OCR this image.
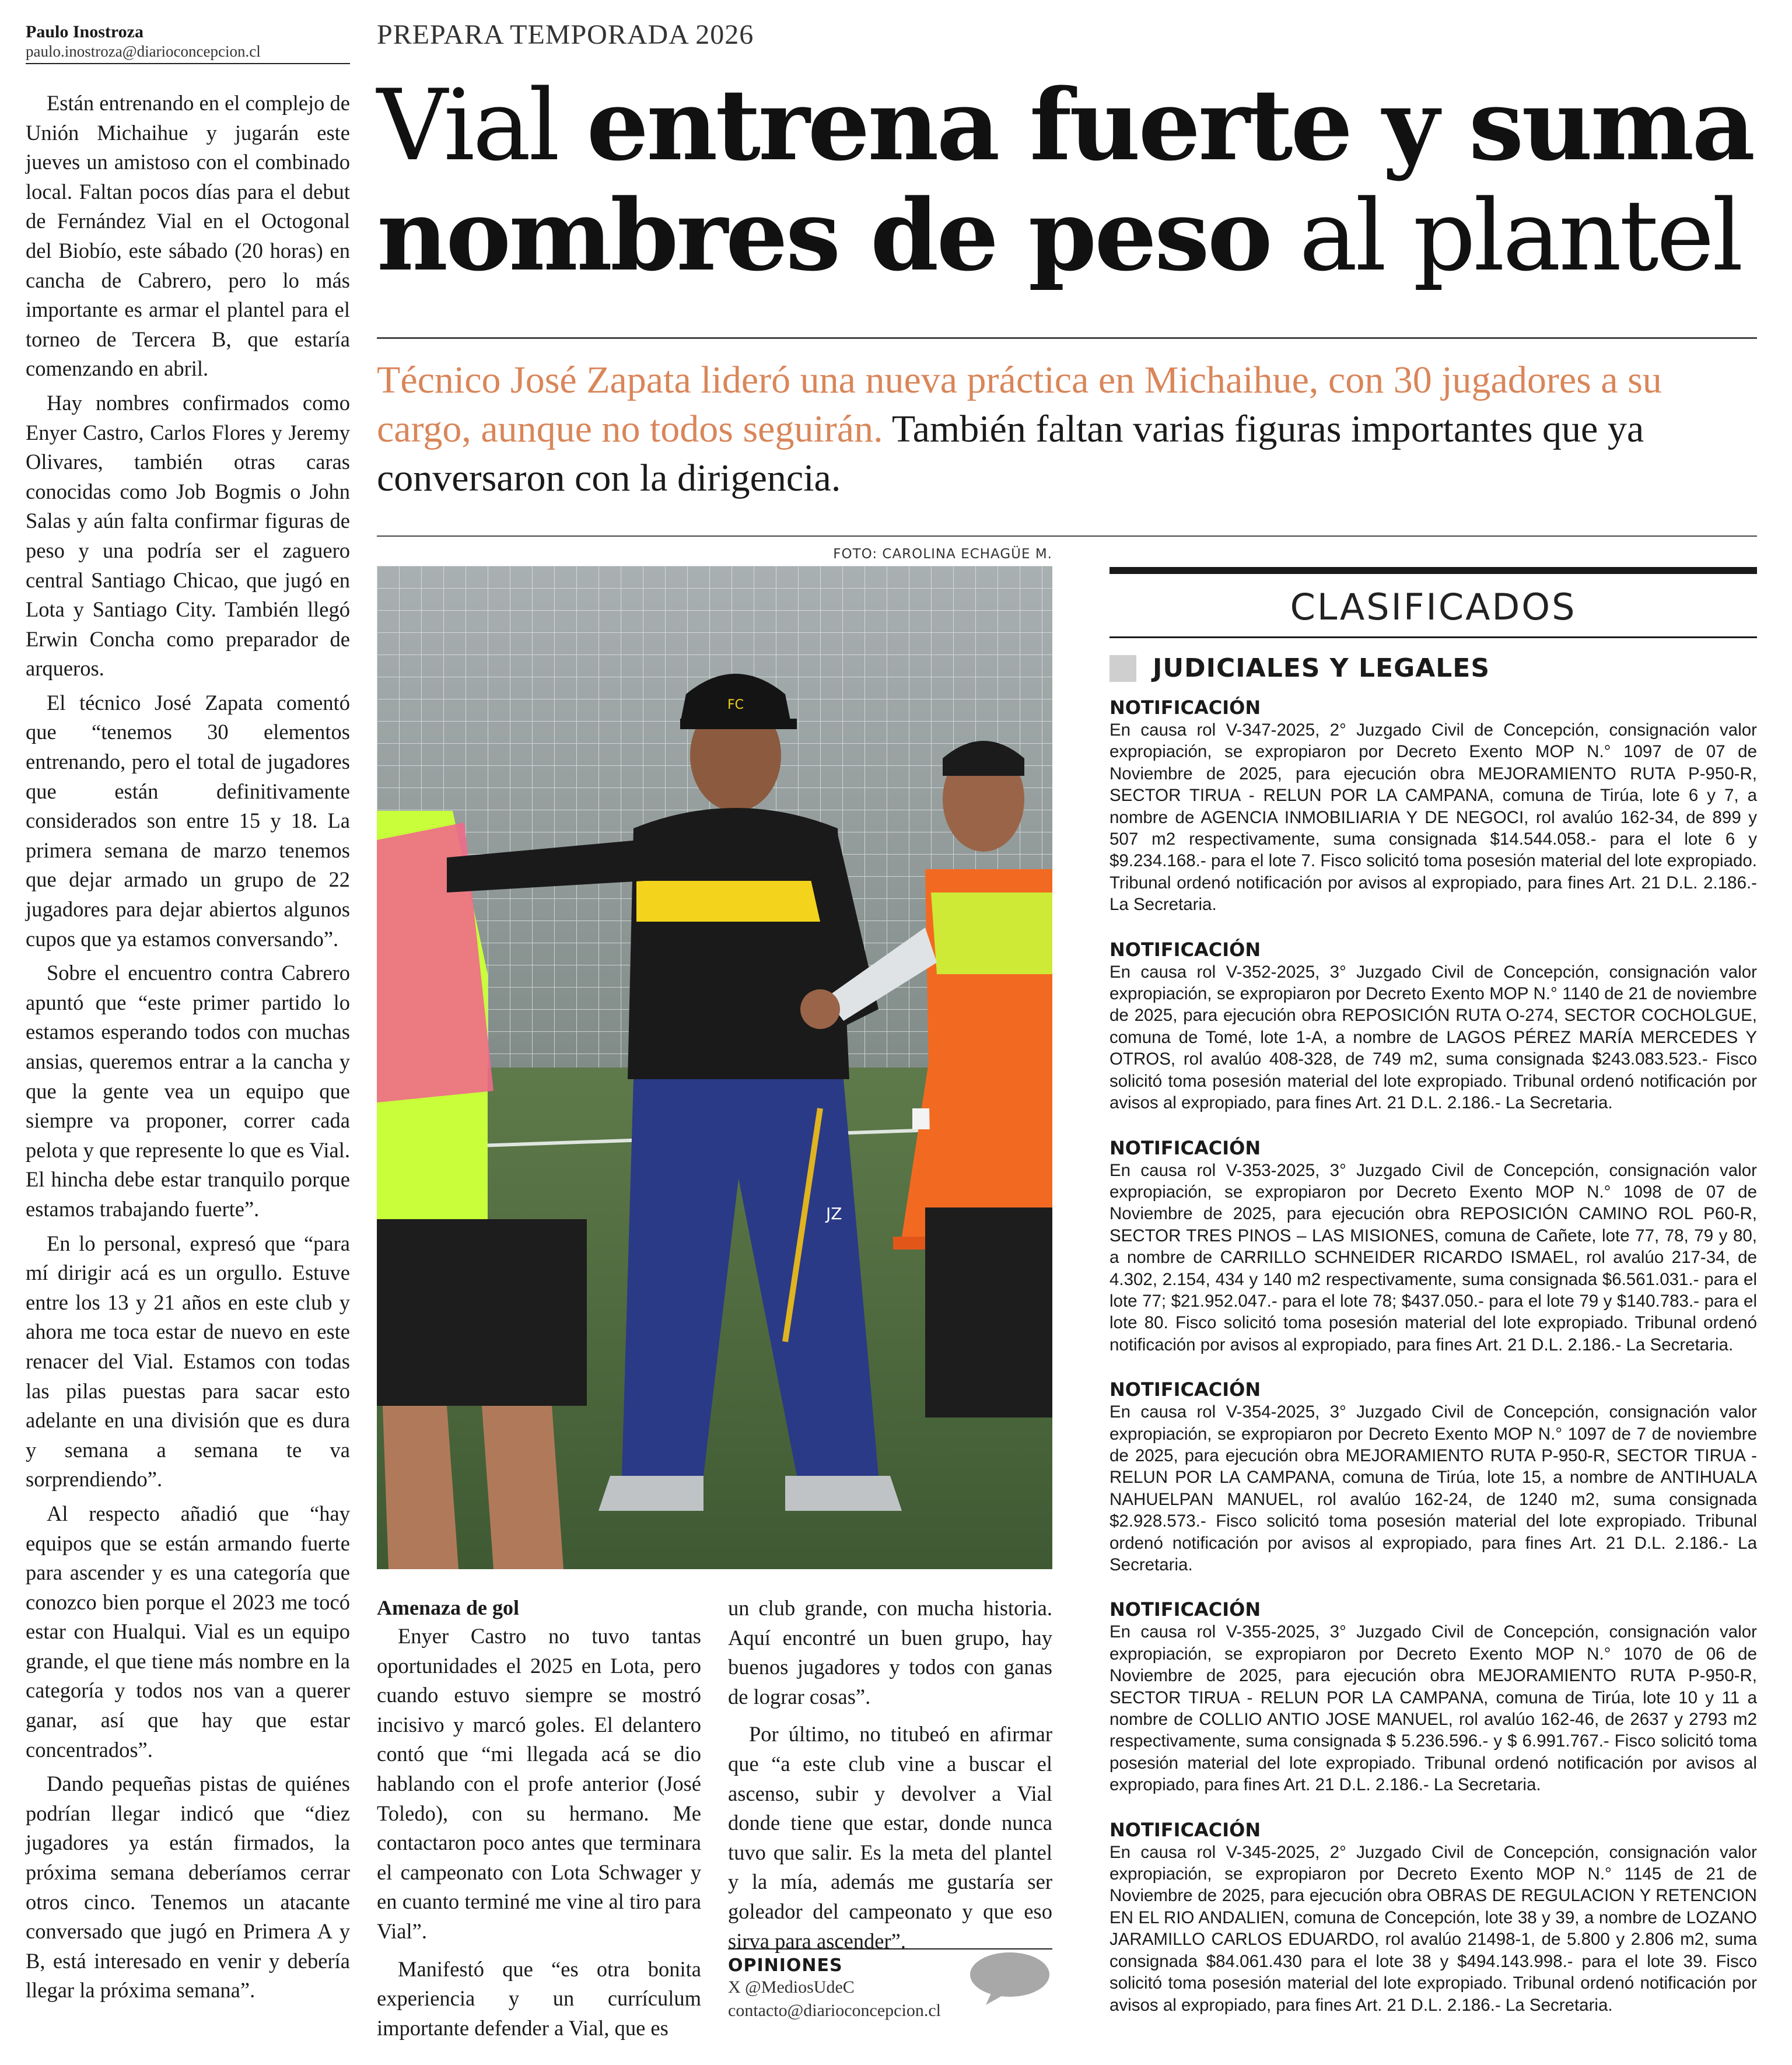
Paulo Inostroza
paulo.inostroza@diarioconcepcion.cl

Están entrenando en el complejo de Unión Michaihue y jugarán este jueves un amistoso con el combinado local. Faltan pocos días para el debut de Fernández Vial en el Octogonal del Biobío, este sábado (20 horas) en cancha de Cabrero, pero lo más importante es armar el plantel para el torneo de Tercera B, que estaría comenzando en abril.

Hay nombres confirmados como Enyer Castro, Carlos Flores y Jeremy Olivares, también otras caras conocidas como Job Bogmis o John Salas y aún falta confirmar figuras de peso y una podría ser el zaguero central Santiago Chicao, que jugó en Lota y Santiago City. También llegó Erwin Concha como preparador de arqueros.

El técnico José Zapata comentó que “tenemos 30 elementos entrenando, pero el total de jugadores que están definitivamente considerados son entre 15 y 18. La primera semana de marzo tenemos que dejar armado un grupo de 22 jugadores para dejar abiertos algunos cupos que ya estamos conversando”.

Sobre el encuentro contra Cabrero apuntó que “este primer partido lo estamos esperando todos con muchas ansias, queremos entrar a la cancha y que la gente vea un equipo que siempre va proponer, correr cada pelota y que represente lo que es Vial. El hincha debe estar tranquilo porque estamos trabajando fuerte”.

En lo personal, expresó que “para mí dirigir acá es un orgullo. Estuve entre los 13 y 21 años en este club y ahora me toca estar de nuevo en este renacer del Vial. Estamos con todas las pilas puestas para sacar esto adelante en una división que es dura y semana a semana te va sorprendiendo”.

Al respecto añadió que “hay equipos que se están armando fuerte para ascender y es una categoría que conozco bien porque el 2023 me tocó estar con Hualqui. Vial es un equipo grande, el que tiene más nombre en la categoría y todos nos van a querer ganar, así que hay que estar concentrados”.

Dando pequeñas pistas de quiénes podrían llegar indicó que “diez jugadores ya están firmados, la próxima semana deberíamos cerrar otros cinco. Tenemos un atacante conversado que jugó en Primera A y B, está interesado en venir y debería llegar la próxima semana”.

PREPARA TEMPORADA 2026
Vial entrena fuerte y suma
nombres de peso al plantel

Técnico José Zapata lideró una nueva práctica en Michaihue, con 30 jugadores a su cargo, aunque no todos seguirán. También faltan varias figuras importantes que ya conversaron con la dirigencia.

FOTO: CAROLINA ECHAGÜE M.
FC
JZ
Amenaza de gol

Enyer Castro no tuvo tantas oportunidades el 2025 en Lota, pero cuando estuvo siempre se mostró incisivo y marcó goles. El delantero contó que “mi llegada acá se dio hablando con el profe anterior (José Toledo), con su hermano. Me contactaron poco antes que terminara el campeonato con Lota Schwager y en cuanto terminé me vine al tiro para Vial”.

Manifestó que “es otra bonita experiencia y un currículum importante defender a Vial, que es

un club grande, con mucha historia. Aquí encontré un buen grupo, hay buenos jugadores y todos con ganas de lograr cosas”.

Por último, no titubeó en afirmar que “a este club vine a buscar el ascenso, subir y devolver a Vial donde tiene que estar, donde nunca tuvo que salir. Es la meta del plantel y la mía, además me gustaría ser goleador del campeonato y que eso sirva para ascender”.

OPINIONES
X @MediosUdeC
contacto@diarioconcepcion.cl
CLASIFICADOS
JUDICIALES Y LEGALES
NOTIFICACIÓN

En causa rol V-347-2025, 2° Juzgado Civil de Concepción, consignación valor expropiación, se expropiaron por Decreto Exento MOP N.° 1097 de 07 de Noviembre de 2025, para ejecución obra MEJORAMIENTO RUTA P-950-R, SECTOR TIRUA - RELUN POR LA CAMPANA, comuna de Tirúa, lote 6 y 7, a nombre de AGENCIA INMOBILIARIA Y DE NEGOCI, rol avalúo 162-34, de 899 y 507 m2 respectivamente, suma consignada $14.544.058.- para el lote 6 y $9.234.168.- para el lote 7. Fisco solicitó toma posesión material del lote expropiado. Tribunal ordenó notificación por avisos al expropiado, para fines Art. 21 D.L. 2.186.- La Secretaria.

NOTIFICACIÓN

En causa rol V-352-2025, 3° Juzgado Civil de Concepción, consignación valor expropiación, se expropiaron por Decreto Exento MOP N.° 1140 de 21 de noviembre de 2025, para ejecución obra REPOSICIÓN RUTA O-274, SECTOR COCHOLGUE, comuna de Tomé, lote 1-A, a nombre de LAGOS PÉREZ MARÍA MERCEDES Y OTROS, rol avalúo 408-328, de 749 m2, suma consignada $243.083.523.- Fisco solicitó toma posesión material del lote expropiado. Tribunal ordenó notificación por avisos al expropiado, para fines Art. 21 D.L. 2.186.- La Secretaria.

NOTIFICACIÓN

En causa rol V-353-2025, 3° Juzgado Civil de Concepción, consignación valor expropiación, se expropiaron por Decreto Exento MOP N.° 1098 de 07 de Noviembre de 2025, para ejecución obra REPOSICIÓN CAMINO ROL P60-R, SECTOR TRES PINOS – LAS MISIONES, comuna de Cañete, lote 77, 78, 79 y 80, a nombre de CARRILLO SCHNEIDER RICARDO ISMAEL, rol avalúo 217-34, de 4.302, 2.154, 434 y 140 m2 respectivamente, suma consignada $6.561.031.- para el lote 77; $21.952.047.- para el lote 78; $437.050.- para el lote 79 y $140.783.- para el lote 80. Fisco solicitó toma posesión material del lote expropiado. Tribunal ordenó notificación por avisos al expropiado, para fines Art. 21 D.L. 2.186.- La Secretaria.

NOTIFICACIÓN

En causa rol V-354-2025, 3° Juzgado Civil de Concepción, consignación valor expropiación, se expropiaron por Decreto Exento MOP N.° 1097 de 7 de noviembre de 2025, para ejecución obra MEJORAMIENTO RUTA P-950-R, SECTOR TIRUA - RELUN POR LA CAMPANA, comuna de Tirúa, lote 15, a nombre de ANTIHUALA NAHUELPAN MANUEL, rol avalúo 162-24, de 1240 m2, suma consignada $2.928.573.- Fisco solicitó toma posesión material del lote expropiado. Tribunal ordenó notificación por avisos al expropiado, para fines Art. 21 D.L. 2.186.- La Secretaria.

NOTIFICACIÓN

En causa rol V-355-2025, 3° Juzgado Civil de Concepción, consignación valor expropiación, se expropiaron por Decreto Exento MOP N.° 1070 de 06 de Noviembre de 2025, para ejecución obra MEJORAMIENTO RUTA P-950-R, SECTOR TIRUA - RELUN POR LA CAMPANA, comuna de Tirúa, lote 10 y 11 a nombre de COLLIO ANTIO JOSE MANUEL, rol avalúo 162-46, de 2637 y 2793 m2 respectivamente, suma consignada $ 5.236.596.- y $ 6.991.767.- Fisco solicitó toma posesión material del lote expropiado. Tribunal ordenó notificación por avisos al expropiado, para fines Art. 21 D.L. 2.186.- La Secretaria.

NOTIFICACIÓN

En causa rol V-345-2025, 2° Juzgado Civil de Concepción, consignación valor expropiación, se expropiaron por Decreto Exento MOP N.° 1145 de 21 de Noviembre de 2025, para ejecución obra OBRAS DE REGULACION Y RETENCION EN EL RIO ANDALIEN, comuna de Concepción, lote 38 y 39, a nombre de LOZANO JARAMILLO CARLOS EDUARDO, rol avalúo 21498-1, de 5.800 y 2.806 m2, suma consignada $84.061.430 para el lote 38 y $494.143.998.- para el lote 39. Fisco solicitó toma posesión material del lote expropiado. Tribunal ordenó notificación por avisos al expropiado, para fines Art. 21 D.L. 2.186.- La Secretaria.
